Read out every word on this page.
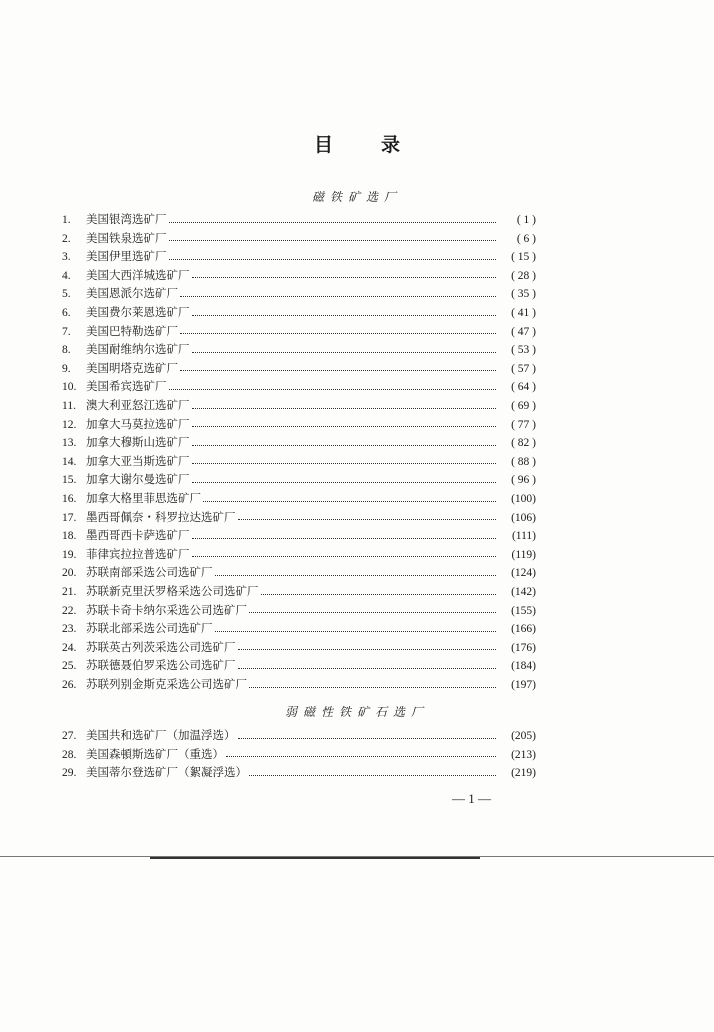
目	录
磁铁矿选厂
1.	美国银湾选矿厂	( 1 )
2.	美国铁泉选矿厂	( 6 )
3.	美国伊里选矿厂	( 15 )
4.	美国大西洋城选矿厂	( 28 )
5.	美国恩派尔选矿厂	( 35 )
6.	美国费尔莱恩选矿厂	( 41 )
7.	美国巴特勒选矿厂	( 47 )
8.	美国耐维纳尔选矿厂	( 53 )
9.	美国明塔克选矿厂	( 57 )
10. 美国希宾选矿厂	( 64 )
11. 澳大利亚怒江选矿厂	( 69 )
12. 加拿大马莫拉选矿厂	( 77 )
13. 加拿大穆斯山选矿厂	( 82 )
14. 加拿大亚当斯选矿厂	( 88 )
15. 加拿大谢尔曼选矿厂	( 96 )
16. 加拿大格里菲思选矿厂	(100)
17. 墨西哥佩奈・科罗拉达选矿厂	(106)
18. 墨西哥西卡萨选矿厂	(111)
19. 菲律宾拉拉普选矿厂	(119)
20. 苏联南部采选公司选矿厂	(124)
21. 苏联新克里沃罗格采选公司选矿厂	(142)
22. 苏联卡奇卡纳尔采选公司选矿厂	(155)
23. 苏联北部采选公司选矿厂	(166)
24. 苏联英古列茨采选公司选矿厂	(176)
25. 苏联德聂伯罗采选公司选矿厂	(184)
26. 苏联列别金斯克采选公司选矿厂	(197)
弱磁性铁矿石选厂
27. 美国共和选矿厂（加温浮选）	(205)
28. 美国森頓斯选矿厂（重选）	(213)
29. 美国蒂尔登选矿厂（絮凝浮选）	(219)
— 1 —
